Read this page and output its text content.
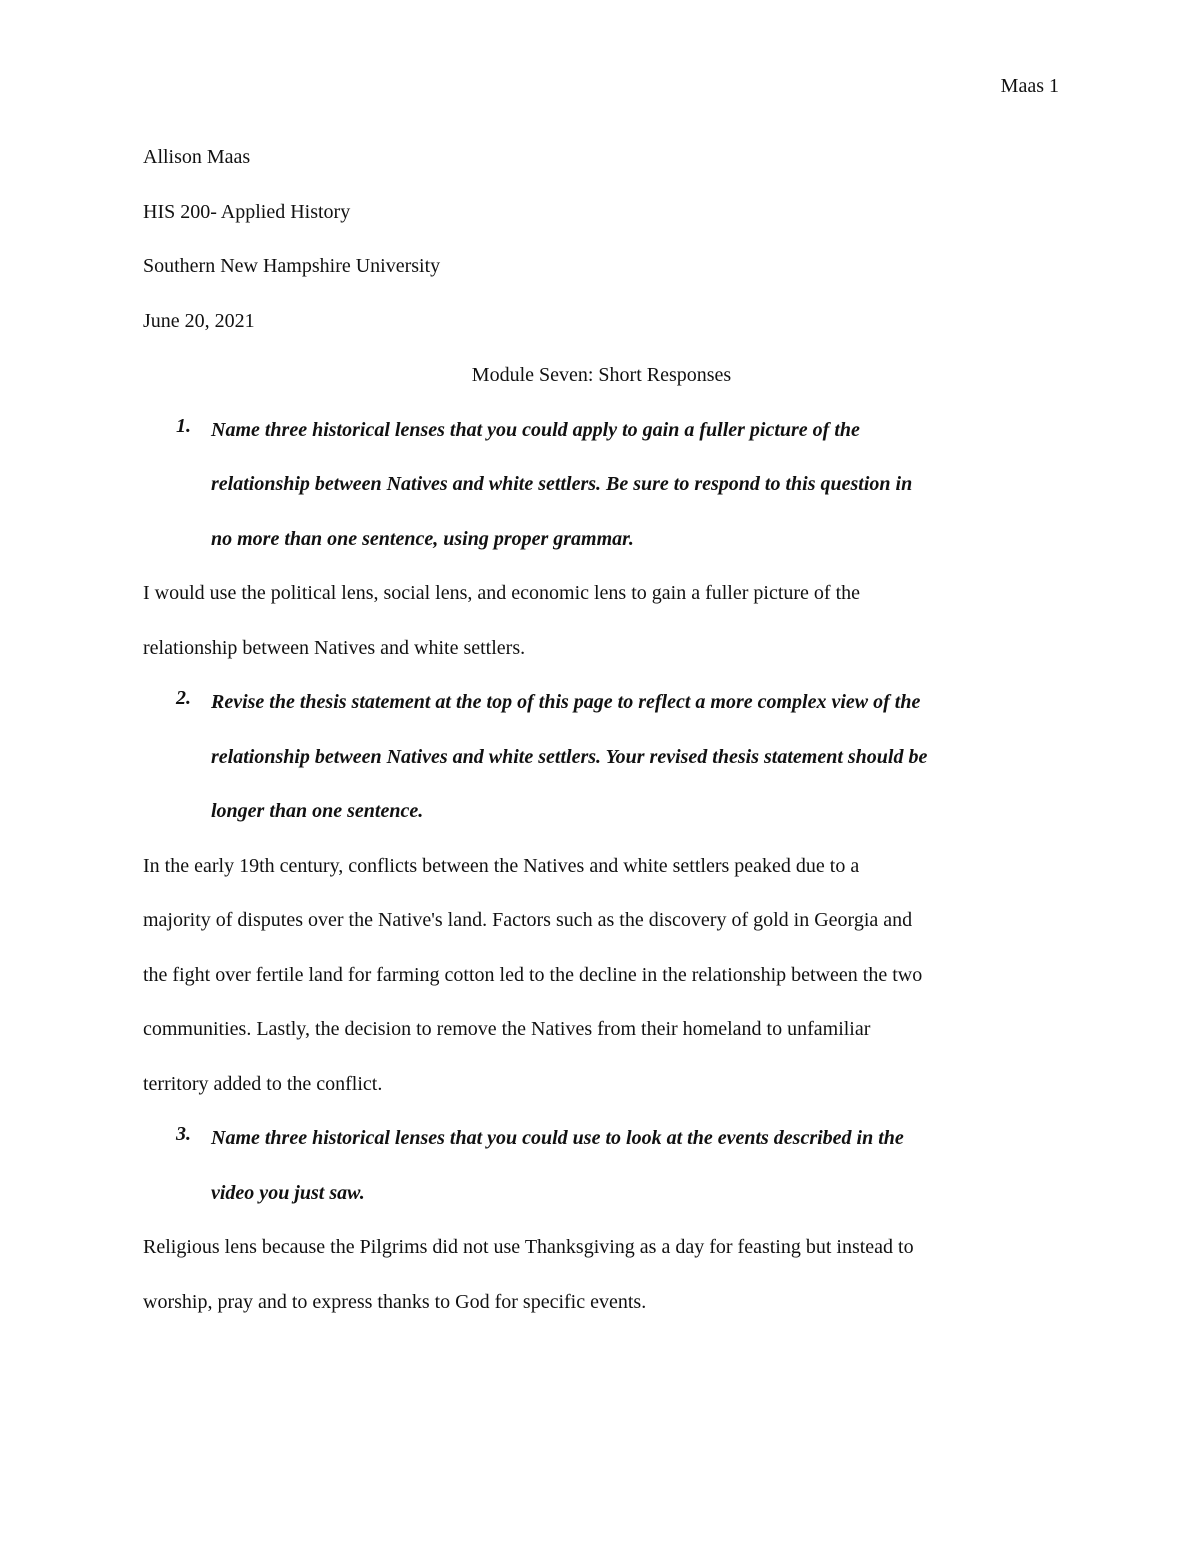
Maas 1
Allison Maas
HIS 200- Applied History
Southern New Hampshire University
June 20, 2021
Module Seven: Short Responses
1. Name three historical lenses that you could apply to gain a fuller picture of the
relationship between Natives and white settlers. Be sure to respond to this question in
no more than one sentence, using proper grammar.
I would use the political lens, social lens, and economic lens to gain a fuller picture of the
relationship between Natives and white settlers.
2. Revise the thesis statement at the top of this page to reflect a more complex view of the
relationship between Natives and white settlers. Your revised thesis statement should be
longer than one sentence.
In the early 19th century, conflicts between the Natives and white settlers peaked due to a
majority of disputes over the Native's land. Factors such as the discovery of gold in Georgia and
the fight over fertile land for farming cotton led to the decline in the relationship between the two
communities. Lastly, the decision to remove the Natives from their homeland to unfamiliar
territory added to the conflict.
3. Name three historical lenses that you could use to look at the events described in the
video you just saw.
Religious lens because the Pilgrims did not use Thanksgiving as a day for feasting but instead to
worship, pray and to express thanks to God for specific events.
